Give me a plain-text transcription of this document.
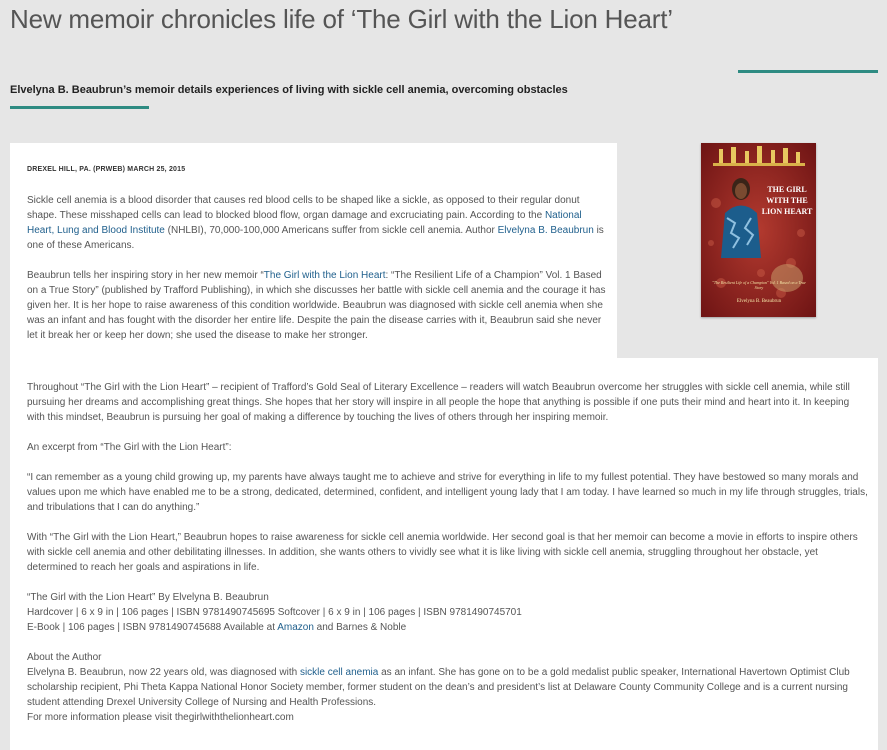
New memoir chronicles life of ‘The Girl with the Lion Heart’
Elvelyna B. Beaubrun’s memoir details experiences of living with sickle cell anemia, overcoming obstacles
THE GIRL WITH THE LION HEART
"The Resilient Life of a Champion" Vol. 1 Based on a True Story
Elvelyna B. Beaubrun
DREXEL HILL, PA. (PRWEB) MARCH 25, 2015

Sickle cell anemia is a blood disorder that causes red blood cells to be shaped like a sickle, as opposed to their regular donut shape. These misshaped cells can lead to blocked blood flow, organ damage and excruciating pain. According to the National Heart, Lung and Blood Institute (NHLBI), 70,000-100,000 Americans suffer from sickle cell anemia. Author Elvelyna B. Beaubrun is one of these Americans.

Beaubrun tells her inspiring story in her new memoir “The Girl with the Lion Heart: “The Resilient Life of a Champion” Vol. 1 Based on a True Story” (published by Trafford Publishing), in which she discusses her battle with sickle cell anemia and the courage it has given her. It is her hope to raise awareness of this condition worldwide. Beaubrun was diagnosed with sickle cell anemia when she was an infant and has fought with the disorder her entire life. Despite the pain the disease carries with it, Beaubrun said she never let it break her or keep her down; she used the disease to make her stronger.

Throughout “The Girl with the Lion Heart” – recipient of Trafford’s Gold Seal of Literary Excellence – readers will watch Beaubrun overcome her struggles with sickle cell anemia, while still pursuing her dreams and accomplishing great things. She hopes that her story will inspire in all people the hope that anything is possible if one puts their mind and heart into it. In keeping with this mindset, Beaubrun is pursuing her goal of making a difference by touching the lives of others through her inspiring memoir.

An excerpt from “The Girl with the Lion Heart”:

“I can remember as a young child growing up, my parents have always taught me to achieve and strive for everything in life to my fullest potential. They have bestowed so many morals and values upon me which have enabled me to be a strong, dedicated, determined, confident, and intelligent young lady that I am today. I have learned so much in my life through struggles, trials, and tribulations that I can do anything.”

With “The Girl with the Lion Heart,” Beaubrun hopes to raise awareness for sickle cell anemia worldwide. Her second goal is that her memoir can become a movie in efforts to inspire others with sickle cell anemia and other debilitating illnesses. In addition, she wants others to vividly see what it is like living with sickle cell anemia, struggling throughout her obstacle, yet determined to reach her goals and aspirations in life.

“The Girl with the Lion Heart” By Elvelyna B. Beaubrun

Hardcover | 6 x 9 in | 106 pages | ISBN 9781490745695 Softcover | 6 x 9 in | 106 pages | ISBN 9781490745701

E-Book | 106 pages | ISBN 9781490745688 Available at Amazon and Barnes & Noble

About the Author

Elvelyna B. Beaubrun, now 22 years old, was diagnosed with sickle cell anemia as an infant. She has gone on to be a gold medalist public speaker, International Havertown Optimist Club scholarship recipient, Phi Theta Kappa National Honor Society member, former student on the dean’s and president’s list at Delaware County Community College and is a current nursing student attending Drexel University College of Nursing and Health Professions.

For more information please visit thegirlwiththelionheart.com
